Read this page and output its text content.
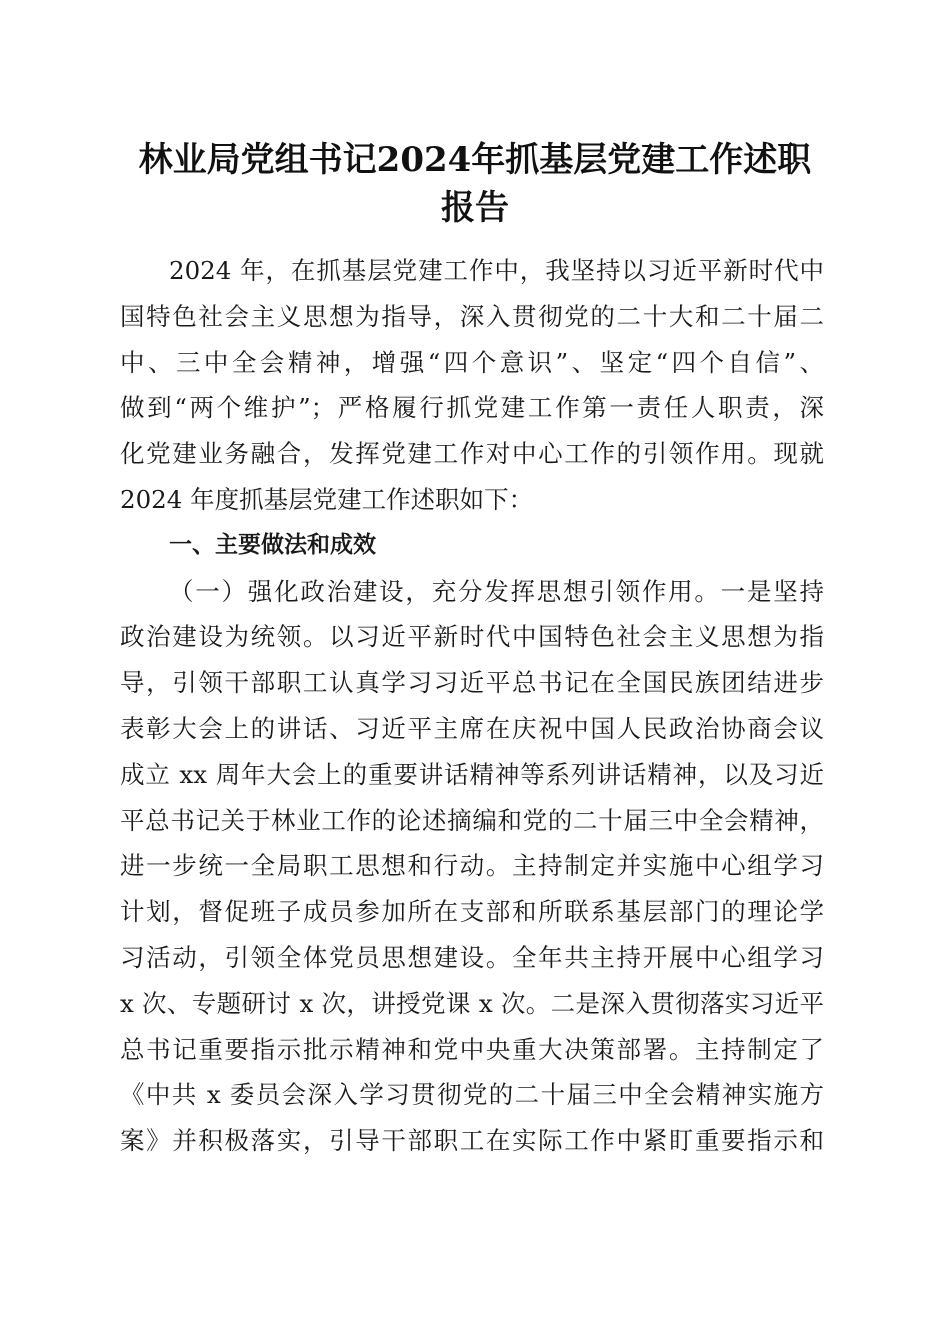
林业局党组书记2024年抓基层党建工作述职
报告
2024 年，在抓基层党建工作中，我坚持以习近平新时代中
国特色社会主义思想为指导，深入贯彻党的二十大和二十届二
中、三中全会精神，增强“四个意识”、坚定“四个自信”、
做到“两个维护”；严格履行抓党建工作第一责任人职责，深
化党建业务融合，发挥党建工作对中心工作的引领作用。现就
2024 年度抓基层党建工作述职如下：
一、主要做法和成效
（一）强化政治建设，充分发挥思想引领作用。一是坚持
政治建设为统领。以习近平新时代中国特色社会主义思想为指
导，引领干部职工认真学习习近平总书记在全国民族团结进步
表彰大会上的讲话、习近平主席在庆祝中国人民政治协商会议
成立 xx 周年大会上的重要讲话精神等系列讲话精神，以及习近
平总书记关于林业工作的论述摘编和党的二十届三中全会精神，
进一步统一全局职工思想和行动。主持制定并实施中心组学习
计划，督促班子成员参加所在支部和所联系基层部门的理论学
习活动，引领全体党员思想建设。全年共主持开展中心组学习
x 次、专题研讨 x 次，讲授党课 x 次。二是深入贯彻落实习近平
总书记重要指示批示精神和党中央重大决策部署。主持制定了
《中共 x 委员会深入学习贯彻党的二十届三中全会精神实施方
案》并积极落实，引导干部职工在实际工作中紧盯重要指示和
